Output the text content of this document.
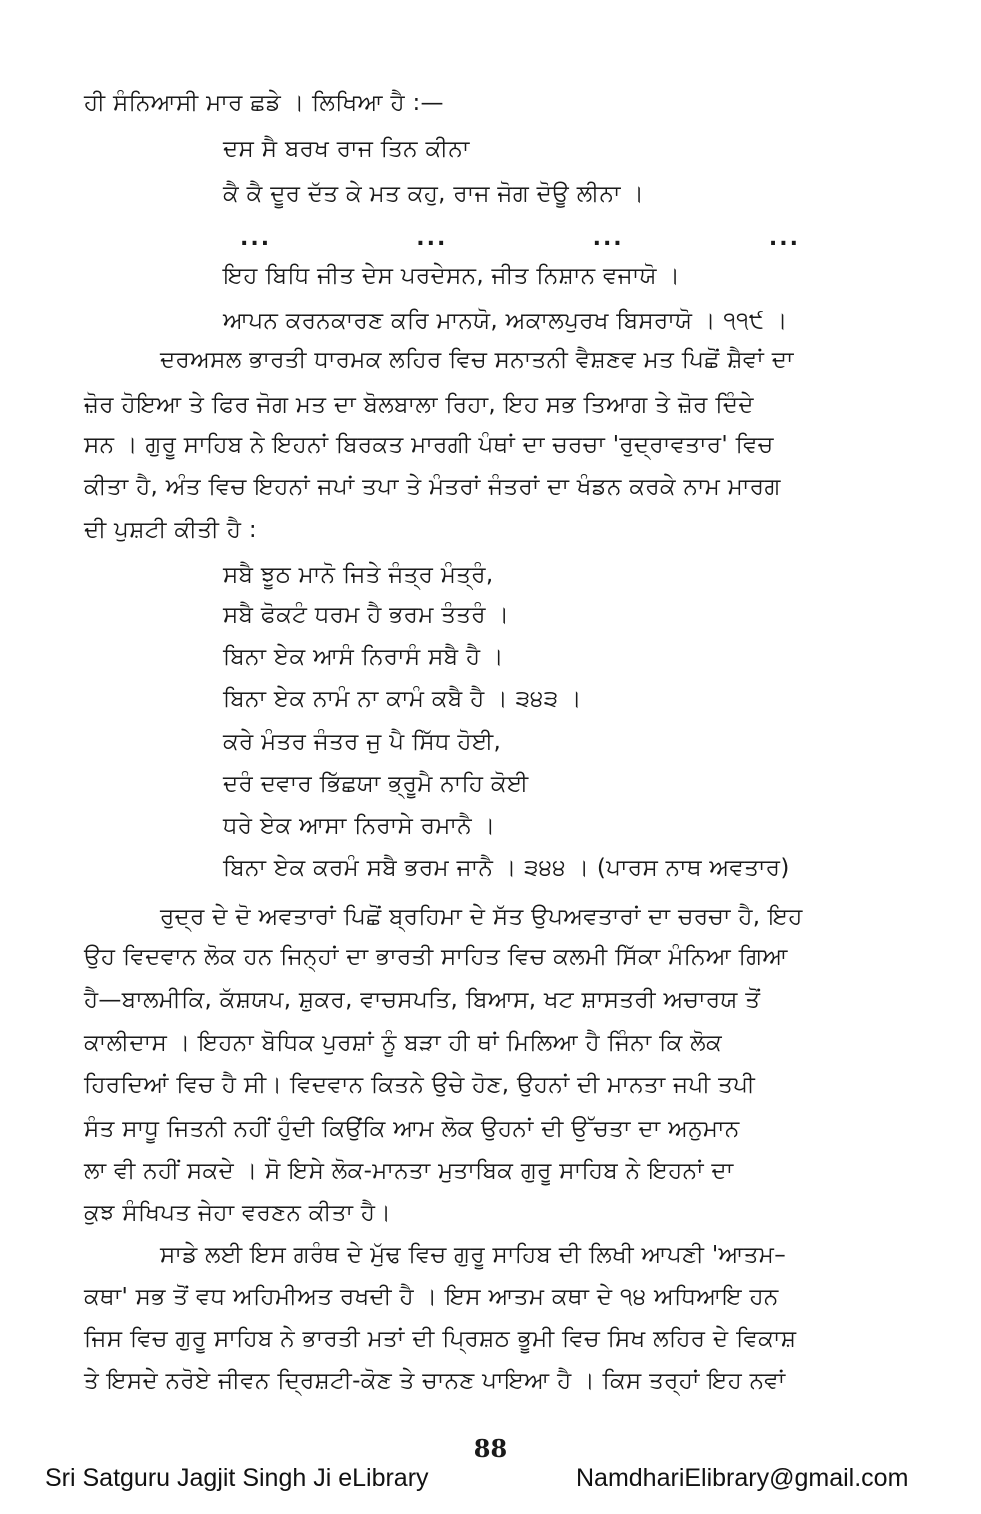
ਹੀ ਸੰਨਿਆਸੀ ਮਾਰ ਛਡੇ । ਲਿਖਿਆ ਹੈ :—
ਦਸ ਸੈ ਬਰਖ ਰਾਜ ਤਿਨ ਕੀਨਾ
ਕੈ ਕੈ ਦੂਰ ਦੱਤ ਕੇ ਮਤ ਕਹੁ, ਰਾਜ ਜੋਗ ਦੋਊ ਲੀਨਾ ।
...	...	...	...
ਇਹ ਬਿਧਿ ਜੀਤ ਦੇਸ ਪਰਦੇਸਨ, ਜੀਤ ਨਿਸ਼ਾਨ ਵਜਾਯੋ ।
ਆਪਨ ਕਰਨਕਾਰਣ ਕਰਿ ਮਾਨਯੋ, ਅਕਾਲਪੁਰਖ ਬਿਸਰਾਯੋ । ੧੧੯ ।
ਦਰਅਸਲ ਭਾਰਤੀ ਧਾਰਮਕ ਲਹਿਰ ਵਿਚ ਸਨਾਤਨੀ ਵੈਸ਼ਣਵ ਮਤ ਪਿਛੋਂ ਸ਼ੈਵਾਂ ਦਾ
ਜ਼ੋਰ ਹੋਇਆ ਤੇ ਫਿਰ ਜੋਗ ਮਤ ਦਾ ਬੋਲਬਾਲਾ ਰਿਹਾ, ਇਹ ਸਭ ਤਿਆਗ ਤੇ ਜ਼ੋਰ ਦਿੰਦੇ
ਸਨ । ਗੁਰੂ ਸਾਹਿਬ ਨੇ ਇਹਨਾਂ ਬਿਰਕਤ ਮਾਰਗੀ ਪੰਥਾਂ ਦਾ ਚਰਚਾ 'ਰੁਦ੍ਰਾਵਤਾਰ' ਵਿਚ
ਕੀਤਾ ਹੈ, ਅੰਤ ਵਿਚ ਇਹਨਾਂ ਜਪਾਂ ਤਪਾ ਤੇ ਮੰਤਰਾਂ ਜੰਤਰਾਂ ਦਾ ਖੰਡਨ ਕਰਕੇ ਨਾਮ ਮਾਰਗ
ਦੀ ਪੁਸ਼ਟੀ ਕੀਤੀ ਹੈ :
ਸਬੈ ਝੂਠ ਮਾਨੋ ਜਿਤੇ ਜੰਤ੍ਰ ਮੰਤ੍ਰੰ,
ਸਬੈ ਫੋਕਟੰ ਧਰਮ ਹੈ ਭਰਮ ਤੰਤਰੰ ।
ਬਿਨਾ ਏਕ ਆਸੰ ਨਿਰਾਸੰ ਸਬੈ ਹੈ ।
ਬਿਨਾ ਏਕ ਨਾਮੰ ਨਾ ਕਾਮੰ ਕਬੈ ਹੈ । ੩੪੩ ।
ਕਰੇ ਮੰਤਰ ਜੰਤਰ ਜੁ ਪੈ ਸਿੱਧ ਹੋਈ,
ਦਰੰ ਦਵਾਰ ਭਿੱਛਯਾ ਭ੍ਰੂਮੈ ਨਾਹਿ ਕੋਈ
ਧਰੇ ਏਕ ਆਸਾ ਨਿਰਾਸੇ ਰਮਾਨੈ ।
ਬਿਨਾ ਏਕ ਕਰਮੰ ਸਬੈ ਭਰਮ ਜਾਨੈ । ੩੪੪ । (ਪਾਰਸ ਨਾਥ ਅਵਤਾਰ)
ਰੁਦ੍ਰ ਦੇ ਦੋ ਅਵਤਾਰਾਂ ਪਿਛੋਂ ਬ੍ਰਹਿਮਾ ਦੇ ਸੱਤ ਉਪਅਵਤਾਰਾਂ ਦਾ ਚਰਚਾ ਹੈ, ਇਹ
ਉਹ ਵਿਦਵਾਨ ਲੋਕ ਹਨ ਜਿਨ੍ਹਾਂ ਦਾ ਭਾਰਤੀ ਸਾਹਿਤ ਵਿਚ ਕਲਮੀ ਸਿੱਕਾ ਮੰਨਿਆ ਗਿਆ
ਹੈ—ਬਾਲਮੀਕਿ, ਕੱਸ਼ਯਪ, ਸ਼ੁਕਰ, ਵਾਚਸਪਤਿ, ਬਿਆਸ, ਖਟ ਸ਼ਾਸਤਰੀ ਅਚਾਰਯ ਤੋਂ
ਕਾਲੀਦਾਸ । ਇਹਨਾ ਬੋਧਿਕ ਪੁਰਸ਼ਾਂ ਨੂੰ ਬੜਾ ਹੀ ਥਾਂ ਮਿਲਿਆ ਹੈ ਜਿੰਨਾ ਕਿ ਲੋਕ
ਹਿਰਦਿਆਂ ਵਿਚ ਹੈ ਸੀ। ਵਿਦਵਾਨ ਕਿਤਨੇ ਉਚੇ ਹੋਣ, ਉਹਨਾਂ ਦੀ ਮਾਨਤਾ ਜਪੀ ਤਪੀ
ਸੰਤ ਸਾਧੂ ਜਿਤਨੀ ਨਹੀਂ ਹੁੰਦੀ ਕਿਉਂਕਿ ਆਮ ਲੋਕ ਉਹਨਾਂ ਦੀ ਉੱਚਤਾ ਦਾ ਅਨੁਮਾਨ
ਲਾ ਵੀ ਨਹੀਂ ਸਕਦੇ । ਸੋ ਇਸੇ ਲੋਕ-ਮਾਨਤਾ ਮੁਤਾਬਿਕ ਗੁਰੂ ਸਾਹਿਬ ਨੇ ਇਹਨਾਂ ਦਾ
ਕੁਝ ਸੰਖਿਪਤ ਜੇਹਾ ਵਰਣਨ ਕੀਤਾ ਹੈ।
ਸਾਡੇ ਲਈ ਇਸ ਗਰੰਥ ਦੇ ਮੁੱਢ ਵਿਚ ਗੁਰੂ ਸਾਹਿਬ ਦੀ ਲਿਖੀ ਆਪਣੀ 'ਆਤਮ–
ਕਥਾ' ਸਭ ਤੋਂ ਵਧ ਅਹਿਮੀਅਤ ਰਖਦੀ ਹੈ । ਇਸ ਆਤਮ ਕਥਾ ਦੇ ੧੪ ਅਧਿਆਇ ਹਨ
ਜਿਸ ਵਿਚ ਗੁਰੂ ਸਾਹਿਬ ਨੇ ਭਾਰਤੀ ਮਤਾਂ ਦੀ ਪ੍ਰਿਸ਼ਠ ਭੂਮੀ ਵਿਚ ਸਿਖ ਲਹਿਰ ਦੇ ਵਿਕਾਸ਼
ਤੇ ਇਸਦੇ ਨਰੋਏ ਜੀਵਨ ਦ੍ਰਿਸ਼ਟੀ-ਕੋਣ ਤੇ ਚਾਨਣ ਪਾਇਆ ਹੈ । ਕਿਸ ਤਰ੍ਹਾਂ ਇਹ ਨਵਾਂ
88
Sri Satguru Jagjit Singh Ji eLibrary	NamdhariElibrary@gmail.com
